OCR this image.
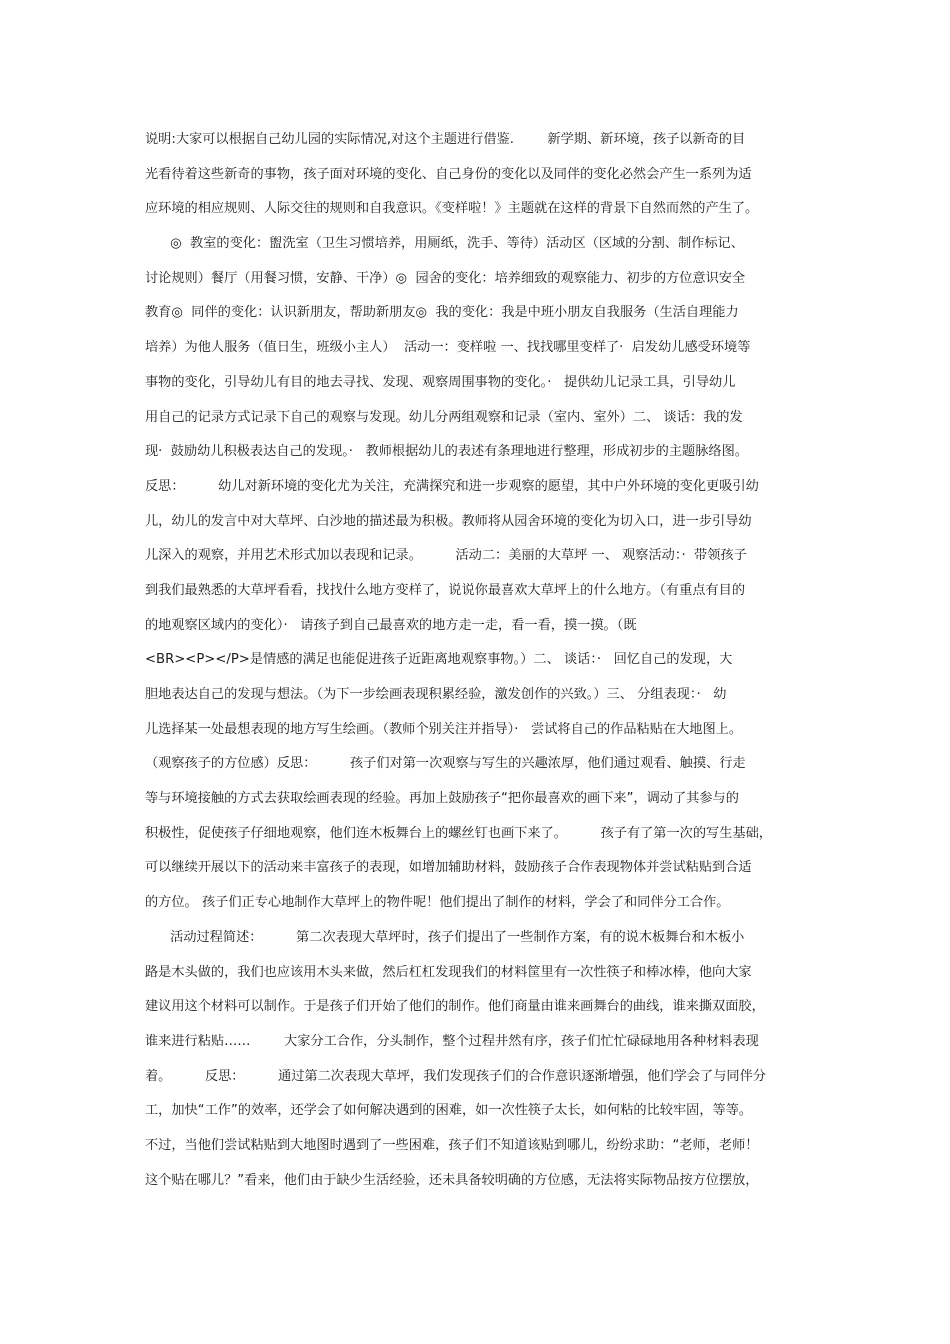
说明:大家可以根据自己幼儿园的实际情况,对这个主题进行借鉴.        新学期、新环境，孩子以新奇的目
光看待着这些新奇的事物，孩子面对环境的变化、自己身份的变化以及同伴的变化必然会产生一系列为适
应环境的相应规则、人际交往的规则和自我意识。《变样啦！》主题就在这样的背景下自然而然的产生了。
◎  教室的变化：盥洗室（卫生习惯培养，用厕纸，洗手、等待）活动区（区域的分割、制作标记、
讨论规则）餐厅（用餐习惯，安静、干净）◎  园舍的变化：培养细致的观察能力、初步的方位意识安全
教育◎  同伴的变化：认识新朋友，帮助新朋友◎  我的变化：我是中班小朋友自我服务（生活自理能力
培养）为他人服务（值日生，班级小主人）  活动一：变样啦 一、找找哪里变样了·  启发幼儿感受环境等
事物的变化，引导幼儿有目的地去寻找、发现、观察周围事物的变化。·   提供幼儿记录工具，引导幼儿
用自己的记录方式记录下自己的观察与发现。幼儿分两组观察和记录（室内、室外）二、 谈话：我的发
现·  鼓励幼儿积极表达自己的发现。·   教师根据幼儿的表述有条理地进行整理，形成初步的主题脉络图。
反思：        幼儿对新环境的变化尤为关注，充满探究和进一步观察的愿望，其中户外环境的变化更吸引幼
儿，幼儿的发言中对大草坪、白沙地的描述最为积极。教师将从园舍环境的变化为切入口，进一步引导幼
儿深入的观察，并用艺术形式加以表现和记录。        活动二：美丽的大草坪 一、 观察活动：·  带领孩子
到我们最熟悉的大草坪看看，找找什么地方变样了，说说你最喜欢大草坪上的什么地方。（有重点有目的
的地观察区域内的变化）·   请孩子到自己最喜欢的地方走一走，看一看，摸一摸。（既
<BR><P></P>是情感的满足也能促进孩子近距离地观察事物。）二、 谈话：·   回忆自己的发现，大
胆地表达自己的发现与想法。（为下一步绘画表现积累经验，激发创作的兴致。）三、 分组表现：·   幼
儿选择某一处最想表现的地方写生绘画。（教师个别关注并指导）·   尝试将自己的作品粘贴在大地图上。
（观察孩子的方位感）反思：        孩子们对第一次观察与写生的兴趣浓厚，他们通过观看、触摸、行走
等与环境接触的方式去获取绘画表现的经验。再加上鼓励孩子“把你最喜欢的画下来”，调动了其参与的
积极性，促使孩子仔细地观察，他们连木板舞台上的螺丝钉也画下来了。        孩子有了第一次的写生基础，
可以继续开展以下的活动来丰富孩子的表现，如增加辅助材料，鼓励孩子合作表现物体并尝试粘贴到合适
的方位。 孩子们正专心地制作大草坪上的物件呢！他们提出了制作的材料，学会了和同伴分工合作。
活动过程简述：        第二次表现大草坪时，孩子们提出了一些制作方案，有的说木板舞台和木板小
路是木头做的，我们也应该用木头来做，然后杠杠发现我们的材料筐里有一次性筷子和棒冰棒，他向大家
建议用这个材料可以制作。于是孩子们开始了他们的制作。他们商量由谁来画舞台的曲线，谁来撕双面胶，
谁来进行粘贴……        大家分工合作，分头制作，整个过程井然有序，孩子们忙忙碌碌地用各种材料表现
着。        反思：        通过第二次表现大草坪，我们发现孩子们的合作意识逐渐增强，他们学会了与同伴分
工，加快“工作”的效率，还学会了如何解决遇到的困难，如一次性筷子太长，如何粘的比较牢固，等等。
不过，当他们尝试粘贴到大地图时遇到了一些困难，孩子们不知道该贴到哪儿，纷纷求助：“老师，老师！
这个贴在哪儿？”看来，他们由于缺少生活经验，还未具备较明确的方位感，无法将实际物品按方位摆放，
